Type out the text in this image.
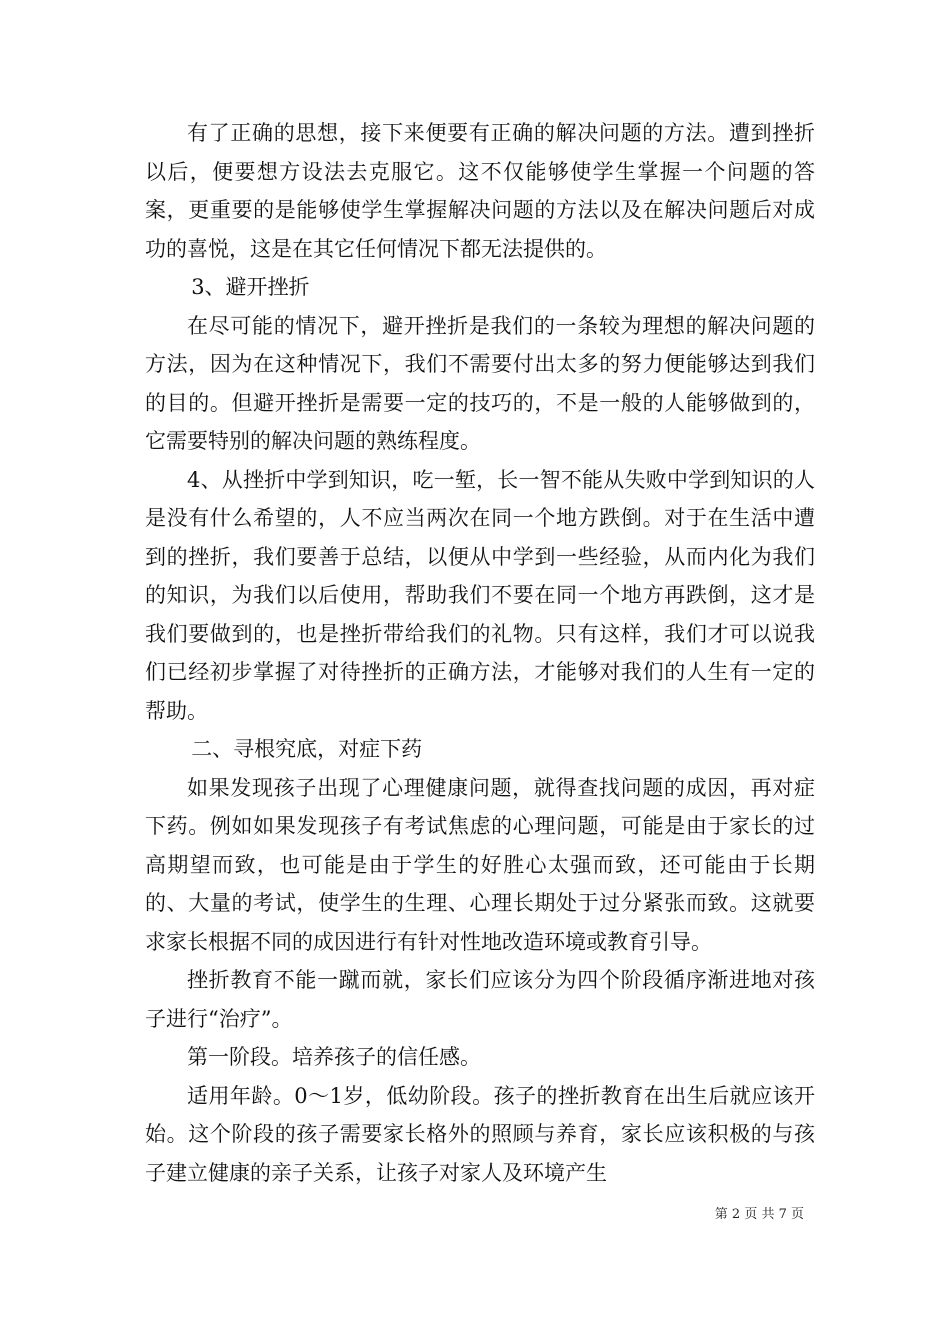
有了正确的思想，接下来便要有正确的解决问题的方法。遭到挫折以后，便要想方设法去克服它。这不仅能够使学生掌握一个问题的答案，更重要的是能够使学生掌握解决问题的方法以及在解决问题后对成功的喜悦，这是在其它任何情况下都无法提供的。

3、避开挫折

在尽可能的情况下，避开挫折是我们的一条较为理想的解决问题的方法，因为在这种情况下，我们不需要付出太多的努力便能够达到我们的目的。但避开挫折是需要一定的技巧的，不是一般的人能够做到的，它需要特别的解决问题的熟练程度。

4、从挫折中学到知识，吃一堑，长一智不能从失败中学到知识的人是没有什么希望的，人不应当两次在同一个地方跌倒。对于在生活中遭到的挫折，我们要善于总结，以便从中学到一些经验，从而内化为我们的知识，为我们以后使用，帮助我们不要在同一个地方再跌倒，这才是我们要做到的，也是挫折带给我们的礼物。只有这样，我们才可以说我们已经初步掌握了对待挫折的正确方法，才能够对我们的人生有一定的帮助。

二、寻根究底，对症下药

如果发现孩子出现了心理健康问题，就得查找问题的成因，再对症下药。例如如果发现孩子有考试焦虑的心理问题，可能是由于家长的过高期望而致，也可能是由于学生的好胜心太强而致，还可能由于长期的、大量的考试，使学生的生理、心理长期处于过分紧张而致。这就要求家长根据不同的成因进行有针对性地改造环境或教育引导。

挫折教育不能一蹴而就，家长们应该分为四个阶段循序渐进地对孩子进行“治疗”。

第一阶段。培养孩子的信任感。

适用年龄。0～1岁，低幼阶段。孩子的挫折教育在出生后就应该开始。这个阶段的孩子需要家长格外的照顾与养育，家长应该积极的与孩子建立健康的亲子关系，让孩子对家人及环境产生

第 2 页 共 7 页
